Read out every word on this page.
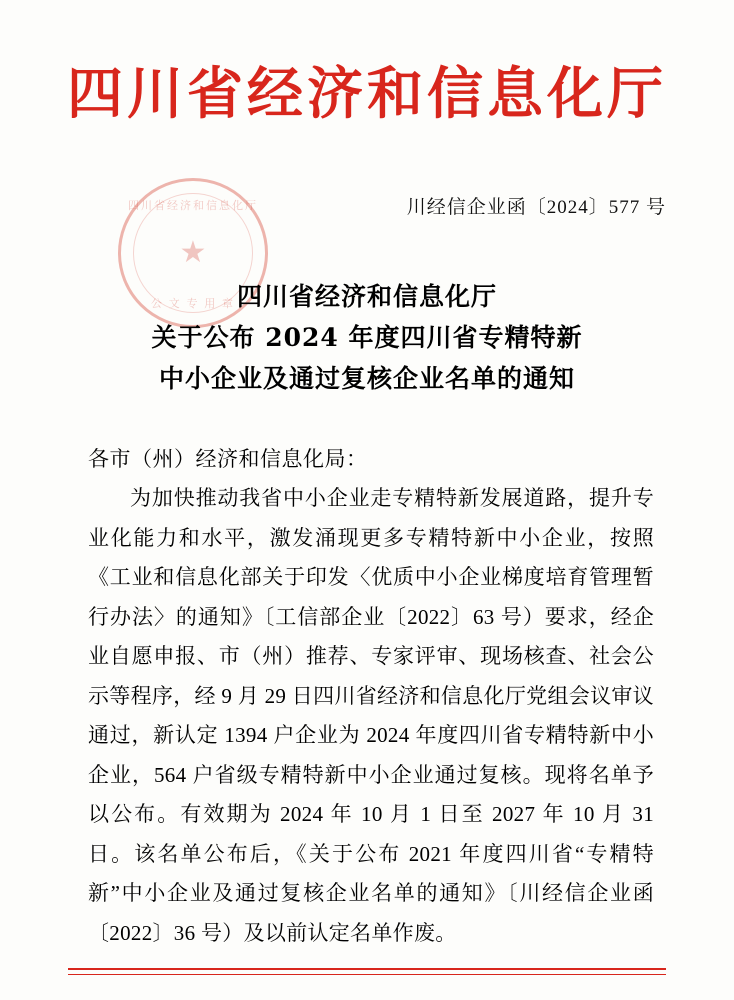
四川省经济和信息化厅
川经信企业函〔2024〕577 号
四川省经济和信息化厅
★
公 文 专 用 章 四川省经济和信息化厅
关于公布 2024 年度四川省专精特新
中小企业及通过复核企业名单的通知
各市（州）经济和信息化局：

为加快推动我省中小企业走专精特新发展道路，提升专业化能力和水平，激发涌现更多专精特新中小企业，按照《工业和信息化部关于印发〈优质中小企业梯度培育管理暂行办法〉的通知》〔工信部企业〔2022〕63 号）要求，经企业自愿申报、市（州）推荐、专家评审、现场核查、社会公示等程序，经 9 月 29 日四川省经济和信息化厅党组会议审议通过，新认定 1394 户企业为 2024 年度四川省专精特新中小企业，564 户省级专精特新中小企业通过复核。现将名单予以公布。有效期为 2024 年 10 月 1 日至 2027 年 10 月 31 日。该名单公布后，《关于公布 2021 年度四川省“专精特新”中小企业及通过复核企业名单的通知》〔川经信企业函〔2022〕36 号）及以前认定名单作废。
